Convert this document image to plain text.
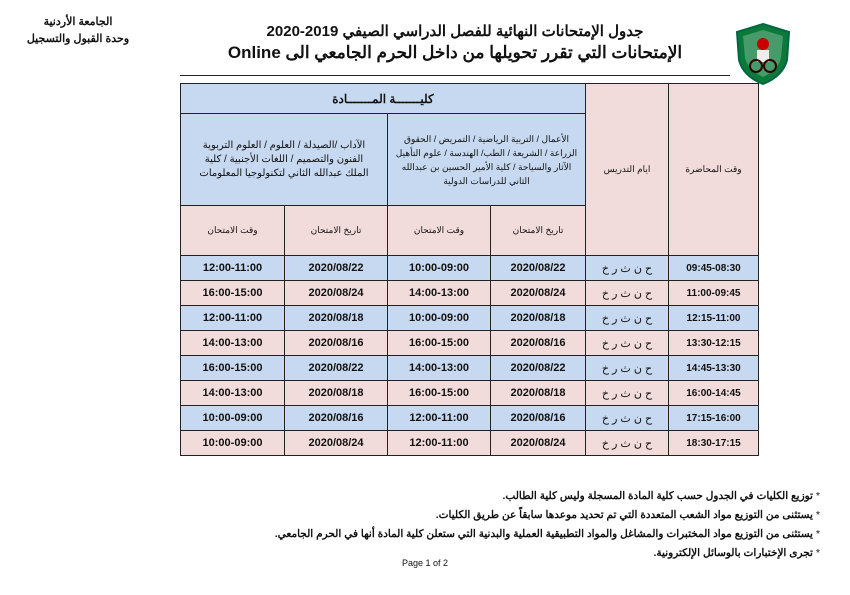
الجامعة الأردنية
وحدة القبول والتسجيل	جدول الإمتحانات النهائية للفصل الدراسي الصيفي 2019-2020
الإمتحانات التي تقرر تحويلها من داخل الحرم الجامعي الى Online
وقت المحاضرة	ايام التدريس	كليـــــــة المـــــــادة			
		الأعمال / التربية الرياضية / التمريض / الحقوق الزراعة / الشريعة / الطب/ الهندسة / علوم التأهيل الآثار والسياحة / كلية الأمير الحسين بن عبدالله الثاني للدراسات الدولية		الآداب /الصيدلة / العلوم / العلوم التربوية الفنون والتصميم / اللغات الأجنبية / كلية الملك عبدالله الثاني لتكنولوجيا المعلومات	
		تاريخ الامتحان	وقت الامتحان	تاريخ الامتحان	وقت الامتحان
09:45-08:30	ح ن ث ر خ	2020/08/22	10:00-09:00	2020/08/22	12:00-11:00
11:00-09:45	ح ن ث ر خ	2020/08/24	14:00-13:00	2020/08/24	16:00-15:00
12:15-11:00	ح ن ث ر خ	2020/08/18	10:00-09:00	2020/08/18	12:00-11:00
13:30-12:15	ح ن ث ر خ	2020/08/16	16:00-15:00	2020/08/16	14:00-13:00
14:45-13:30	ح ن ث ر خ	2020/08/22	14:00-13:00	2020/08/22	16:00-15:00
16:00-14:45	ح ن ث ر خ	2020/08/18	16:00-15:00	2020/08/18	14:00-13:00
17:15-16:00	ح ن ث ر خ	2020/08/16	12:00-11:00	2020/08/16	10:00-09:00
18:30-17:15	ح ن ث ر خ	2020/08/24	12:00-11:00	2020/08/24	10:00-09:00
* توزيع الكليات في الجدول حسب كلية المادة المسجلة وليس كلية الطالب.
* يستثنى من التوزيع مواد الشعب المتعددة التي تم تحديد موعدها سابقاً عن طريق الكليات.
* يستثنى من التوزيع مواد المختبرات والمشاغل والمواد التطبيقية العملية والبدنية التي ستعلن كلية المادة أنها في الحرم الجامعي.
* تجرى الإختبارات بالوسائل الإلكترونية.
Page 1 of 2
